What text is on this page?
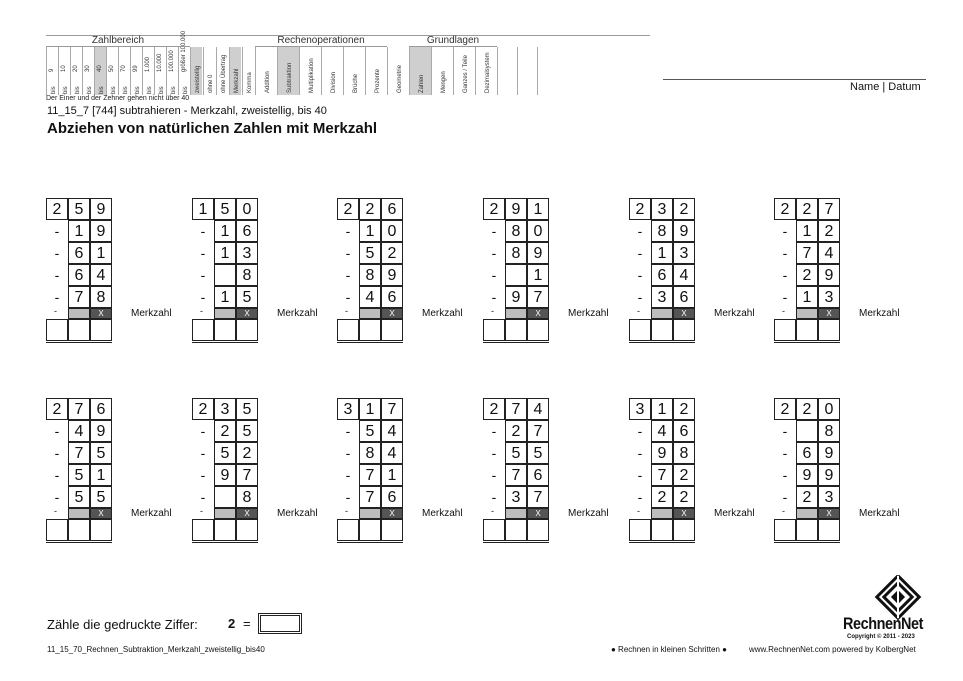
9
bis
10
bis
20
bis
30
bis
40
bis
50
bis
70
bis
99
bis
1.000
bis
10.000
bis
100.000
bis
größer 100.000
bis zweistellig ohne 0 ohne Übertrag Merkzahl Komma Addition	Subtraktion	Multiplikation	Division	Brüche	Prozente	Geometrie	Zahlen	Mengen	Ganzes / Teile	Dezimalsystem
Zahlbereich	Rechenoperationen	Grundlagen
Der Einer und der Zehner gehen nicht über 40
11_15_7 [744] subtrahieren - Merkzahl, zweistellig, bis 40
Abziehen von natürlichen Zahlen mit Merkzahl
Name | Datum
2 5 9
- 1 9
- 6 1
- 6 4
- 7 8
-	X	Merkzahl
1 5 0
- 1 6
- 1 3
-	8
- 1 5
-	X	Merkzahl
2 2 6
- 1 0
- 5 2
- 8 9
- 4 6
-	X	Merkzahl
2 9 1
- 8 0
- 8 9
-	1
- 9 7
-	X	Merkzahl
2 3 2
- 8 9
- 1 3
- 6 4
- 3 6
-	X	Merkzahl
2 2 7
- 1 2
- 7 4
- 2 9
- 1 3
-	X	Merkzahl
2 7 6
- 4 9
- 7 5
- 5 1
- 5 5
-	X	Merkzahl
2 3 5
- 2 5
- 5 2
- 9 7
-	8
-	X	Merkzahl
3 1 7
- 5 4
- 8 4
- 7 1
- 7 6
-	X	Merkzahl
2 7 4
- 2 7
- 5 5
- 7 6
- 3 7
-	X	Merkzahl
3 1 2
- 4 6
- 9 8
- 7 2
- 2 2
-	X	Merkzahl
2 2 0
-	8
- 6 9
- 9 9
- 2 3
-	X	Merkzahl
Zähle die gedruckte Ziffer: 2 =
11_15_70_Rechnen_Subtraktion_Merkzahl_zweistellig_bis40	● Rechnen in kleinen Schritten ●	www.RechnenNet.com powered by KolbergNet
RechnenNet
Copyright © 2011 - 2023
